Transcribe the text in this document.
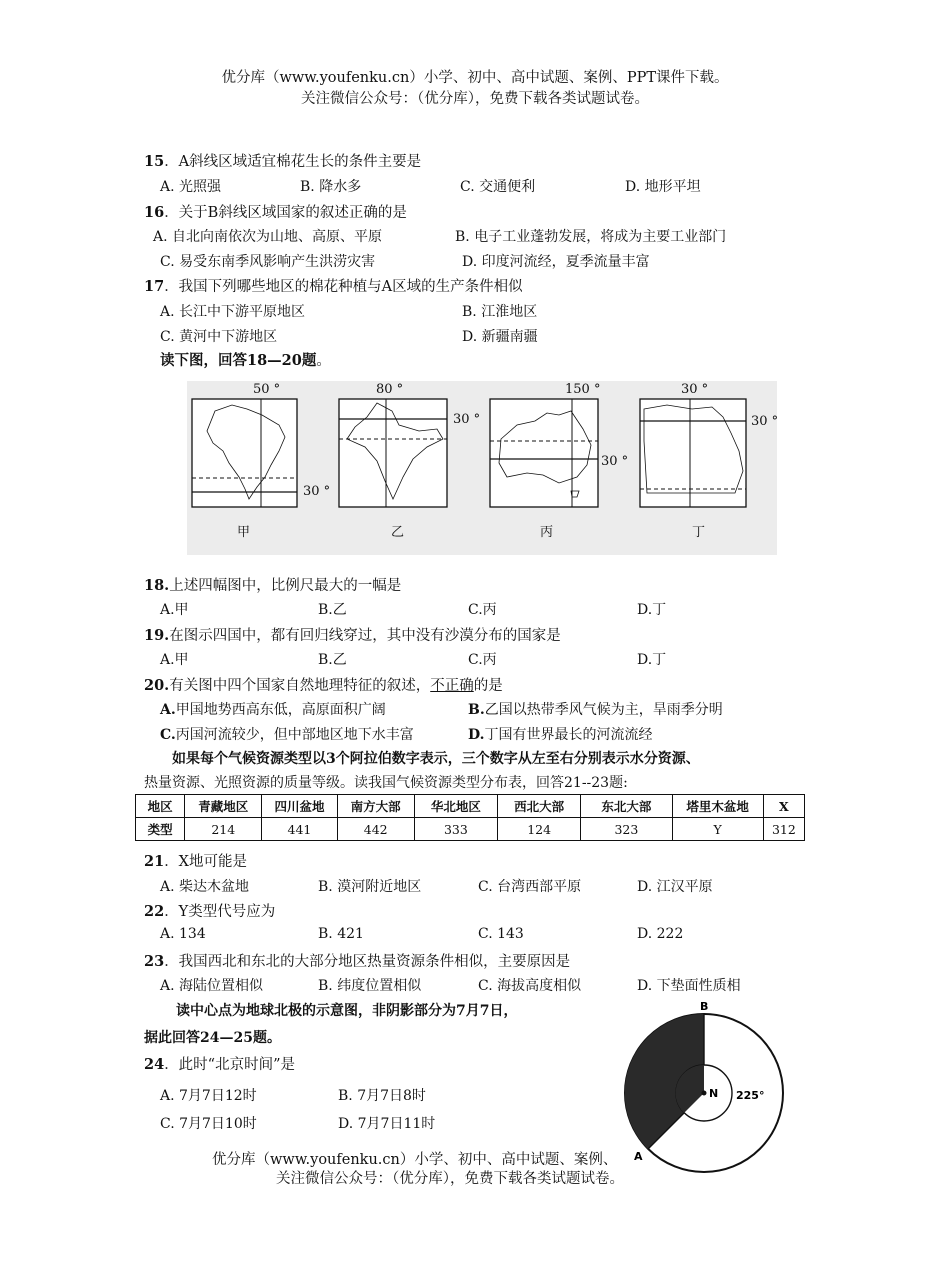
优分库（www.youfenku.cn）小学、初中、高中试题、案例、PPT课件下载。
关注微信公众号：（优分库），免费下载各类试题试卷。
15．A斜线区域适宜棉花生长的条件主要是
A. 光照强	B. 降水多	C. 交通便利	D. 地形平坦
16．关于B斜线区域国家的叙述正确的是
A. 自北向南依次为山地、高原、平原	B. 电子工业蓬勃发展，将成为主要工业部门
C. 易受东南季风影响产生洪涝灾害	D. 印度河流经，夏季流量丰富
17．我国下列哪些地区的棉花种植与A区域的生产条件相似
A. 长江中下游平原地区	B. 江淮地区
C. 黄河中下游地区	D. 新疆南疆
读下图，回答18—20题。
50 °
30 °
甲
80 °
30 °
乙
150 °
30 °
丙
30 °
30 °
丁
18.上述四幅图中，比例尺最大的一幅是
A.甲	B.乙	C.丙	D.丁
19.在图示四国中，都有回归线穿过，其中没有沙漠分布的国家是
A.甲	B.乙	C.丙	D.丁
20.有关图中四个国家自然地理特征的叙述，不正确的是
A.甲国地势西高东低，高原面积广阔	B.乙国以热带季风气候为主，旱雨季分明
C.丙国河流较少，但中部地区地下水丰富	D.丁国有世界最长的河流流经
如果每个气候资源类型以3个阿拉伯数字表示，三个数字从左至右分别表示水分资源、
热量资源、光照资源的质量等级。读我国气候资源类型分布表，回答21--23题:
地区	青藏地区	四川盆地	南方大部	华北地区	西北大部	东北大部	塔里木盆地	X
类型	214	441	442	333	124	323	Y	312
21．X地可能是
A. 柴达木盆地	B. 漠河附近地区	C. 台湾西部平原	D. 江汉平原
22．Y类型代号应为
A. 134	B. 421	C. 143	D. 222
23．我国西北和东北的大部分地区热量资源条件相似，主要原因是
A. 海陆位置相似	B. 纬度位置相似	C. 海拔高度相似	D. 下垫面性质相
读中心点为地球北极的示意图，非阴影部分为7月7日，
据此回答24—25题。
B
A
N 225°
24．此时“北京时间”是
A. 7月7日12时	B. 7月7日8时
C. 7月7日10时	D. 7月7日11时
优分库（www.youfenku.cn）小学、初中、高中试题、案例、
关注微信公众号：（优分库），免费下载各类试题试卷。
